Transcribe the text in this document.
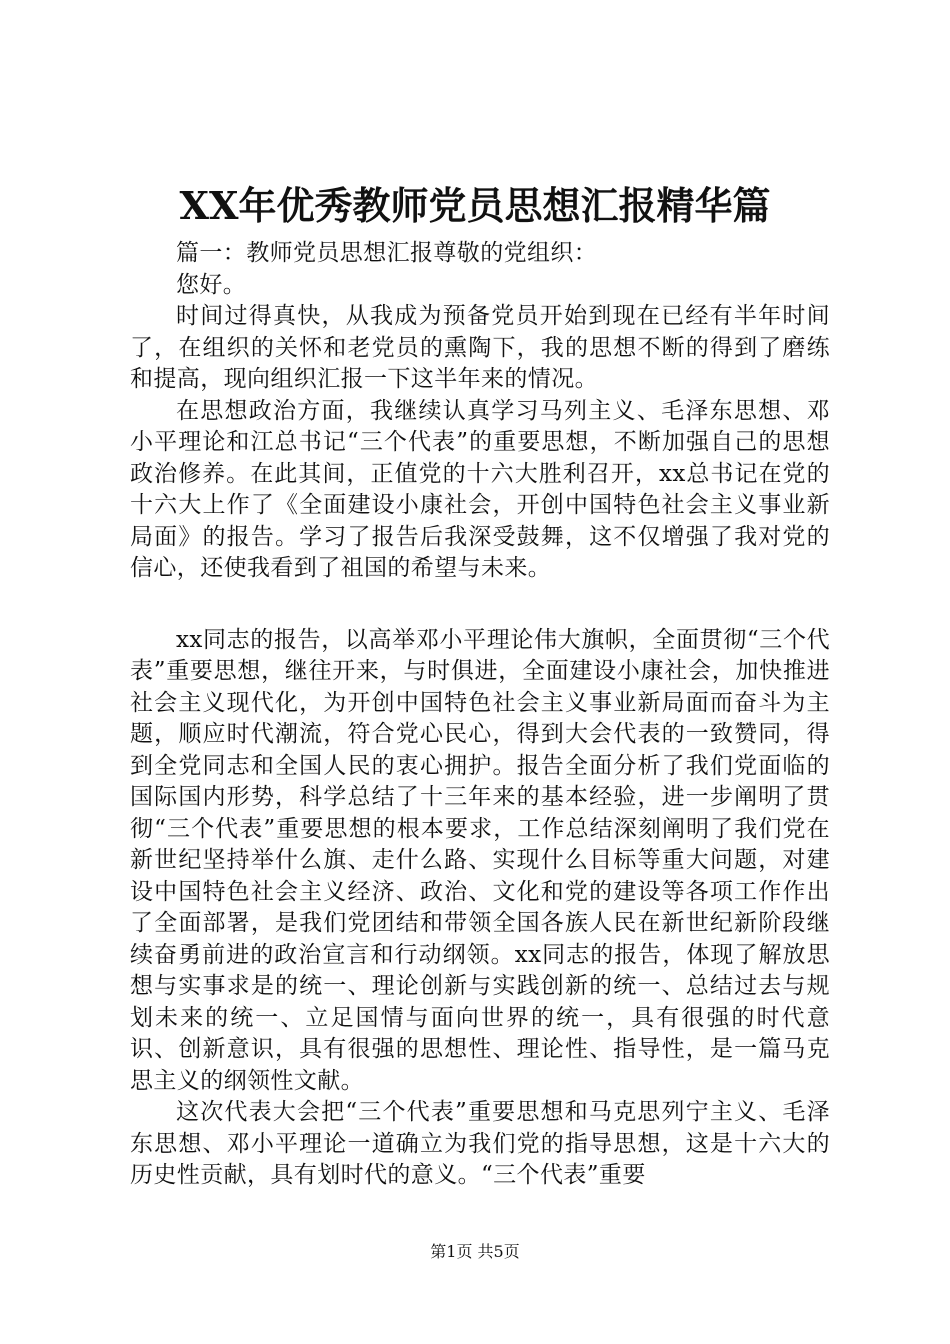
XX年优秀教师党员思想汇报精华篇

篇一：教师党员思想汇报尊敬的党组织：

您好。

时间过得真快，从我成为预备党员开始到现在已经有半年时间了，在组织的关怀和老党员的熏陶下，我的思想不断的得到了磨练和提高，现向组织汇报一下这半年来的情况。

在思想政治方面，我继续认真学习马列主义、毛泽东思想、邓小平理论和江总书记“三个代表”的重要思想，不断加强自己的思想政治修养。在此其间，正值党的十六大胜利召开，xx总书记在党的十六大上作了《全面建设小康社会，开创中国特色社会主义事业新局面》的报告。学习了报告后我深受鼓舞，这不仅增强了我对党的信心，还使我看到了祖国的希望与未来。

xx同志的报告，以高举邓小平理论伟大旗帜，全面贯彻“三个代表”重要思想，继往开来，与时俱进，全面建设小康社会，加快推进社会主义现代化，为开创中国特色社会主义事业新局面而奋斗为主题，顺应时代潮流，符合党心民心，得到大会代表的一致赞同，得到全党同志和全国人民的衷心拥护。报告全面分析了我们党面临的国际国内形势，科学总结了十三年来的基本经验，进一步阐明了贯彻“三个代表”重要思想的根本要求，工作总结深刻阐明了我们党在新世纪坚持举什么旗、走什么路、实现什么目标等重大问题，对建设中国特色社会主义经济、政治、文化和党的建设等各项工作作出了全面部署，是我们党团结和带领全国各族人民在新世纪新阶段继续奋勇前进的政治宣言和行动纲领。xx同志的报告，体现了解放思想与实事求是的统一、理论创新与实践创新的统一、总结过去与规划未来的统一、立足国情与面向世界的统一，具有很强的时代意识、创新意识，具有很强的思想性、理论性、指导性，是一篇马克思主义的纲领性文献。

这次代表大会把“三个代表”重要思想和马克思列宁主义、毛泽东思想、邓小平理论一道确立为我们党的指导思想，这是十六大的历史性贡献，具有划时代的意义。“三个代表”重要

第1页 共5页
